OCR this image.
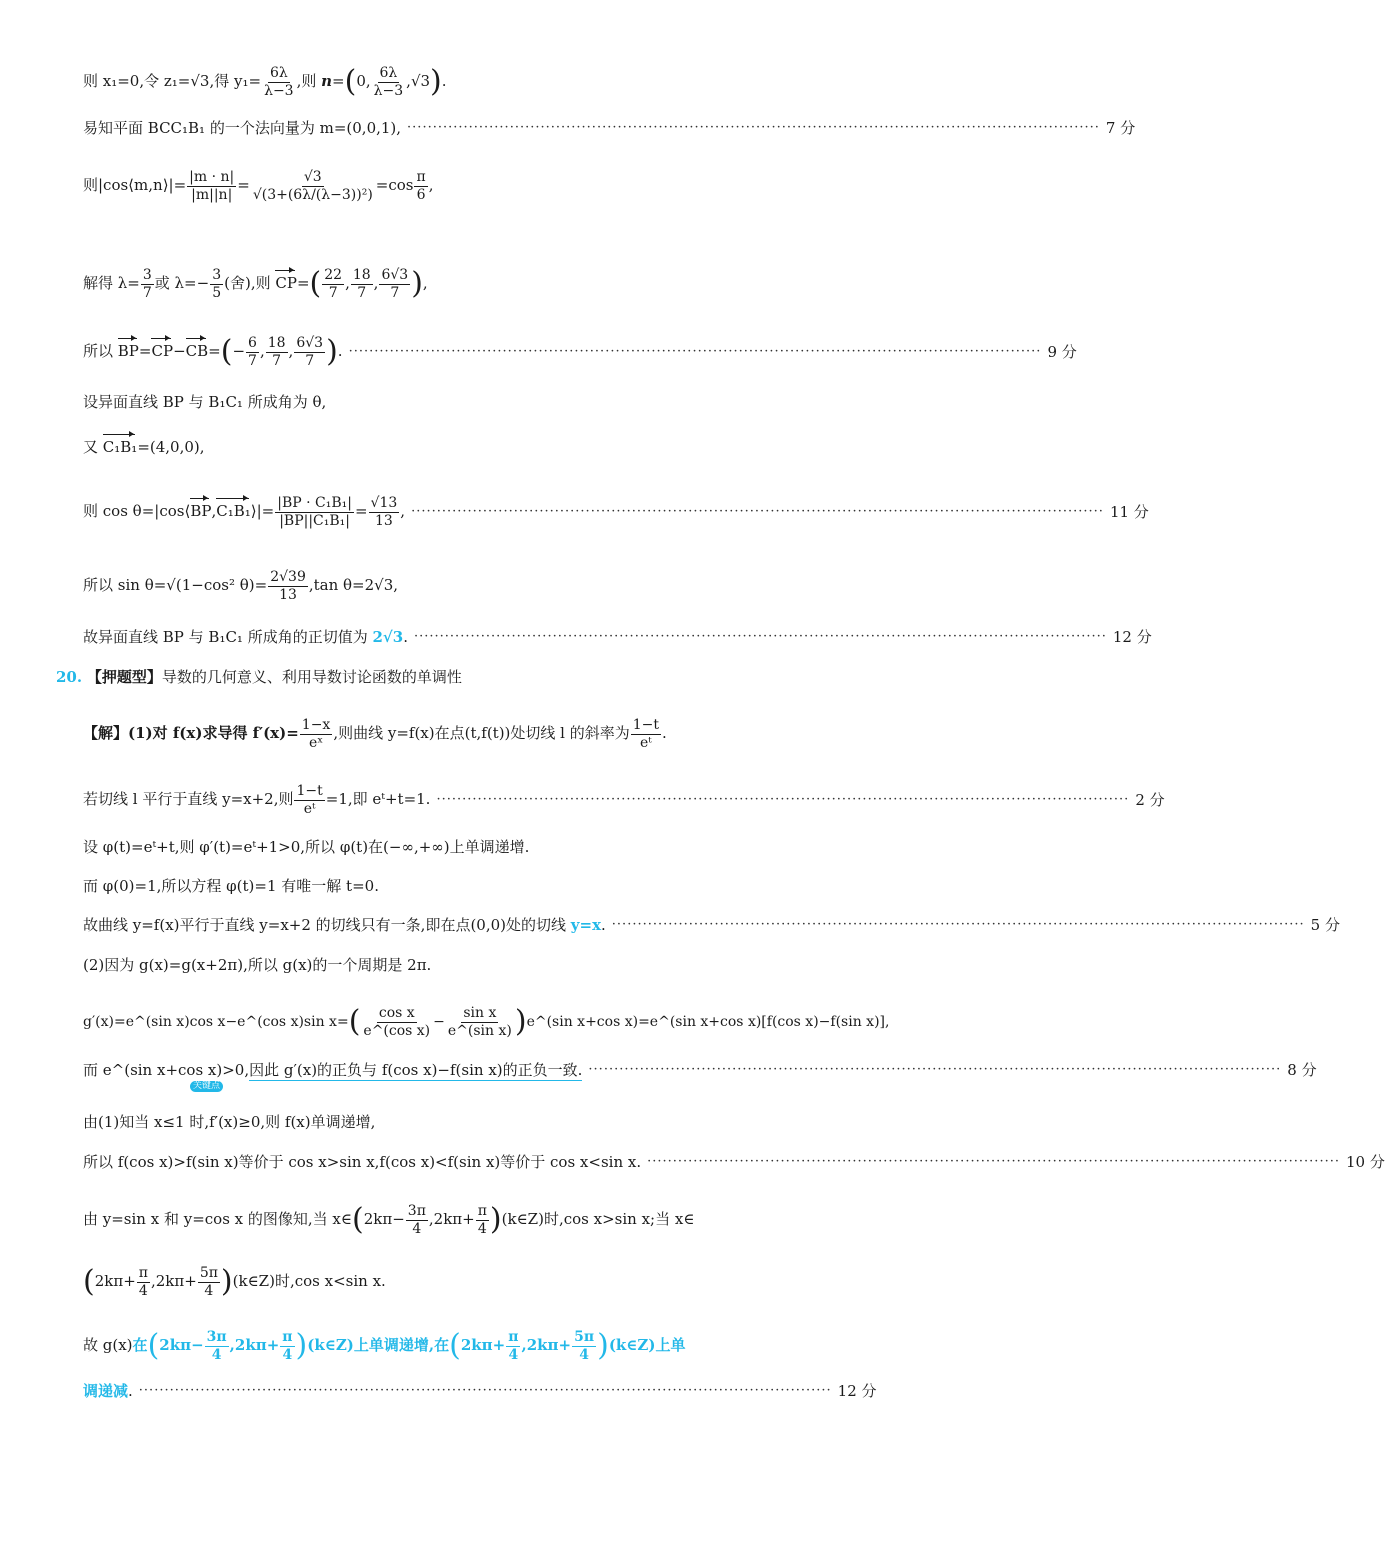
则 x₁=0,令 z₁=√3,得 $y_1= \frac{6\lambda}{\lambda-3}$ ,则 n=(0, $\frac{6\lambda}{\lambda-3} ,√3$).
易知平面 BCC₁B₁ 的一个法向量为 m=(0,0,1), ······································································································································· 7 分
则|cos⟨m,n⟩|= $\frac{|m \cdot n|}{|m||n|} = \frac{√3}{\text{√(3+(6λ/(λ−3))²)}} =\cos \frac{\pi}{6}$ ,
解得 $\lambda= \frac{3}{7}$ 或 $\lambda=- \frac{3}{5}$ (舍),则 $CP=( \frac{22}{7}$ , $\frac{18}{7}$ , $\frac{6√3}{7}$ ),
所以 $BP=CP-CB=(- \frac{6}{7}$ , $\frac{18}{7}$ , $\frac{6√3}{7}$ ). ······································································································································· 9 分
设异面直线 BP 与 B₁C₁ 所成角为 θ,
又 C₁B₁=(4,0,0),
则 cos θ=|cos⟨BP,C₁B₁⟩|= $\frac{\text{|BP · C₁B₁|}}{\text{|BP||C₁B₁|}} = \frac{√13}{13}$ , ······································································································································· 11 分
所以 sin θ=√(1−cos² $\theta)= \frac{2√39}{13} ,\tan$ θ=2√3,
故异面直线 BP 与 B₁C₁ 所成角的正切值为 2√3. ······································································································································· 12 分
20. 【押题型】导数的几何意义、利用导数讨论函数的单调性
【解】(1)对 f(x)求导得 $f'(x)= \frac{1-x}{\text{eˣ}}$ ,则曲线 y=f(x)在点(t,f(t))处切线 l 的斜率为 $\frac{1-t}{\text{eᵗ}}$ .
若切线 l 平行于直线 y=x+2,则 $\frac{1-t}{\text{eᵗ}} =1$,即 eᵗ+t=1. ······································································································································· 2 分
设 φ(t)=eᵗ+t,则 φ′(t)=eᵗ+1>0,所以 φ(t)在(−∞,+∞)上单调递增.
而 φ(0)=1,所以方程 φ(t)=1 有唯一解 t=0.
故曲线 y=f(x)平行于直线 y=x+2 的切线只有一条,即在点(0,0)处的切线 y=x. ······································································································································· 5 分
(2)因为 g(x)=g(x+2π),所以 g(x)的一个周期是 2π.
g′(x)=e^(sin x)cos x−e^(cos x)sin $x=( \frac{\text{cos x}}{\text{e\textasciicircum{}(cos x)}} - \frac{\text{sin x}}{\text{e\textasciicircum{}(sin x)}}$ )e^(sin x+cos x)=e^(sin x+cos x)[f(cos x)−f(sin x)],
而 e^(sin x+cos x)>0,因此 g′(x)的正负与 f(cos x)−f(sin x)的正负一致. ······································································································································· 8 分
关键点
由(1)知当 x≤1 时,f′(x)≥0,则 f(x)单调递增,
所以 f(cos x)>f(sin x)等价于 cos x>sin x,f(cos x)<f(sin x)等价于 cos x<sin x. ······································································································································· 10 分
由 y=sin x 和 y=cos x 的图像知,当 x∈(2kπ− $\frac{3\pi}{4} ,2k\pi+ \frac{\pi}{4}$ )(k∈Z)时,cos x>sin x;当 x∈
($2k\pi+ \frac{\pi}{4} ,2k\pi+ \frac{5\pi}{4}$ )(k∈Z)时,cos x<sin x.
故 g(x)在($2k\pi- \frac{3\pi}{4} ,2k\pi+ \frac{\pi}{4}$ )(k∈Z)上单调递增,在($2k\pi+ \frac{\pi}{4} ,2k\pi+ \frac{5\pi}{4}$ )(k∈Z)上单
调递减. ······································································································································· 12 分
